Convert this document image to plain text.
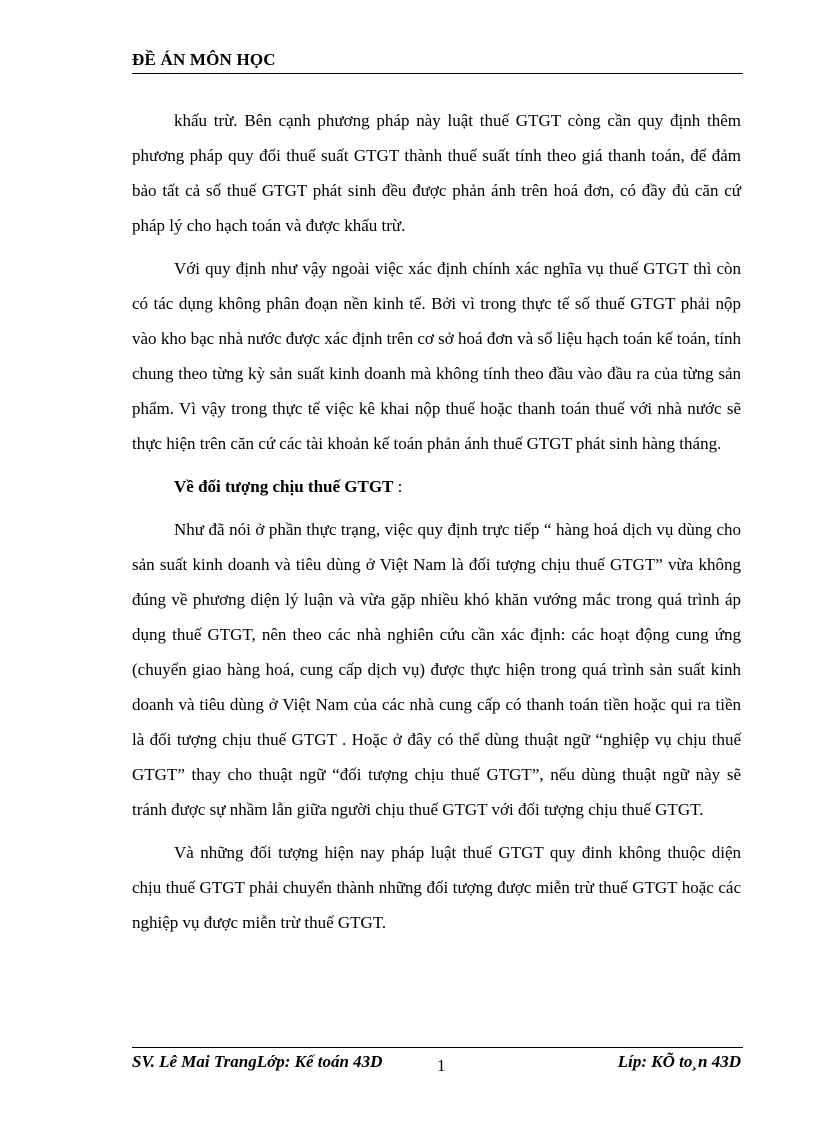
ĐỀ ÁN MÔN HỌC

khấu trừ. Bên cạnh phương pháp này luật thuế GTGT còng cần quy định thêm phương pháp quy đổi thuế suất GTGT thành thuế suất tính theo giá thanh toán, để đảm bảo tất cả số thuế GTGT phát sinh đều được phản ánh trên hoá đơn, có đầy đủ căn cứ pháp lý cho hạch toán và được khấu trừ.

Với quy định như vậy ngoài việc xác định chính xác nghĩa vụ thuế GTGT thì còn có tác dụng không phân đoạn nền kinh tế. Bởi vì trong thực tế số thuế GTGT phải nộp vào kho bạc nhà nước được xác định trên cơ sở hoá đơn và số liệu hạch toán kế toán, tính chung theo từng kỳ sản suất kinh doanh mà không tính theo đầu vào đầu ra của từng sản phẩm. Vì vậy trong thực tế việc kê khai nộp thuế hoặc thanh toán thuế với nhà nước sẽ thực hiện trên căn cứ các tài khoản kế toán phản ánh thuế GTGT phát sinh hàng tháng.

Về đối tượng chịu thuế GTGT :

Như đã nói ở phần thực trạng, việc quy định trực tiếp “ hàng hoá dịch vụ dùng cho sản suất kinh doanh và tiêu dùng ở Việt Nam là đối tượng chịu thuế GTGT” vừa không đúng về phương diện lý luận và vừa gặp nhiều khó khăn vướng mắc trong quá trình áp dụng thuế GTGT, nên theo các nhà nghiên cứu cần xác định: các hoạt động cung ứng (chuyển giao hàng hoá, cung cấp dịch vụ) được thực hiện trong quá trình sản suất kinh doanh và tiêu dùng ở Việt Nam của các nhà cung cấp có thanh toán tiền hoặc qui ra tiền là đối tượng chịu thuế GTGT . Hoặc ở đây có thể dùng thuật ngữ “nghiệp vụ chịu thuế GTGT” thay cho thuật ngữ “đối tượng chịu thuế GTGT”, nếu dùng thuật ngữ này sẽ tránh được sự nhầm lẫn giữa người chịu thuế GTGT với đối tượng chịu thuế GTGT.

Và những đối tượng hiện nay pháp luật thuế GTGT quy đinh không thuộc diện chịu thuế GTGT phải chuyển thành những đối tượng được miễn trừ thuế GTGT hoặc các nghiệp vụ được miễn trừ thuế GTGT.

SV. Lê Mai TrangLớp: Kế toán 43D	1	Líp: KÕ to¸n 43D
